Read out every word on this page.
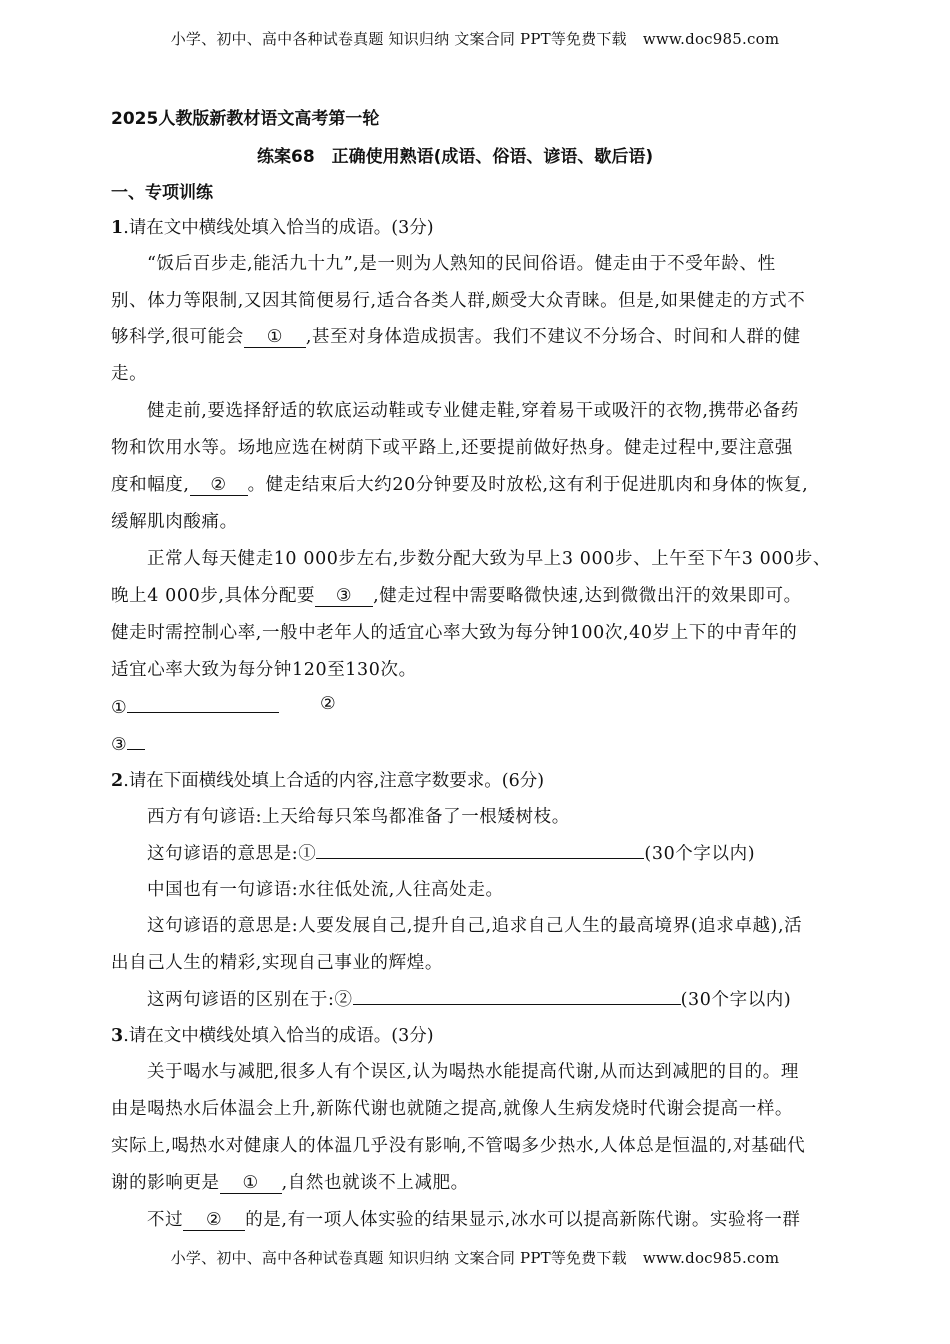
小学、初中、高中各种试卷真题 知识归纳 文案合同 PPT等免费下载 www.doc985.com
2025人教版新教材语文高考第一轮
练案68　正确使用熟语(成语、俗语、谚语、歇后语)
一、专项训练
1.请在文中横线处填入恰当的成语。(3分)
“饭后百步走,能活九十九”,是一则为人熟知的民间俗语。健走由于不受年龄、性
别、体力等限制,又因其简便易行,适合各类人群,颇受大众青睐。但是,如果健走的方式不
够科学,很可能会 ① ,甚至对身体造成损害。我们不建议不分场合、时间和人群的健
走。
健走前,要选择舒适的软底运动鞋或专业健走鞋,穿着易干或吸汗的衣物,携带必备药
物和饮用水等。场地应选在树荫下或平路上,还要提前做好热身。健走过程中,要注意强
度和幅度, ② 。健走结束后大约20分钟要及时放松,这有利于促进肌肉和身体的恢复,
缓解肌肉酸痛。
正常人每天健走10 000步左右,步数分配大致为早上3 000步、上午至下午3 000步、
晚上4 000步,具体分配要 ③ ,健走过程中需要略微快速,达到微微出汗的效果即可。
健走时需控制心率,一般中老年人的适宜心率大致为每分钟100次,40岁上下的中青年的
适宜心率大致为每分钟120至130次。
①	②
③
2.请在下面横线处填上合适的内容,注意字数要求。(6分)
西方有句谚语:上天给每只笨鸟都准备了一根矮树枝。
这句谚语的意思是:①	(30个字以内)
中国也有一句谚语:水往低处流,人往高处走。
这句谚语的意思是:人要发展自己,提升自己,追求自己人生的最高境界(追求卓越),活
出自己人生的精彩,实现自己事业的辉煌。
这两句谚语的区别在于:②	(30个字以内)
3.请在文中横线处填入恰当的成语。(3分)
关于喝水与减肥,很多人有个误区,认为喝热水能提高代谢,从而达到减肥的目的。理
由是喝热水后体温会上升,新陈代谢也就随之提高,就像人生病发烧时代谢会提高一样。
实际上,喝热水对健康人的体温几乎没有影响,不管喝多少热水,人体总是恒温的,对基础代
谢的影响更是 ① ,自然也就谈不上减肥。
不过 ② 的是,有一项人体实验的结果显示,冰水可以提高新陈代谢。实验将一群
小学、初中、高中各种试卷真题 知识归纳 文案合同 PPT等免费下载 www.doc985.com
